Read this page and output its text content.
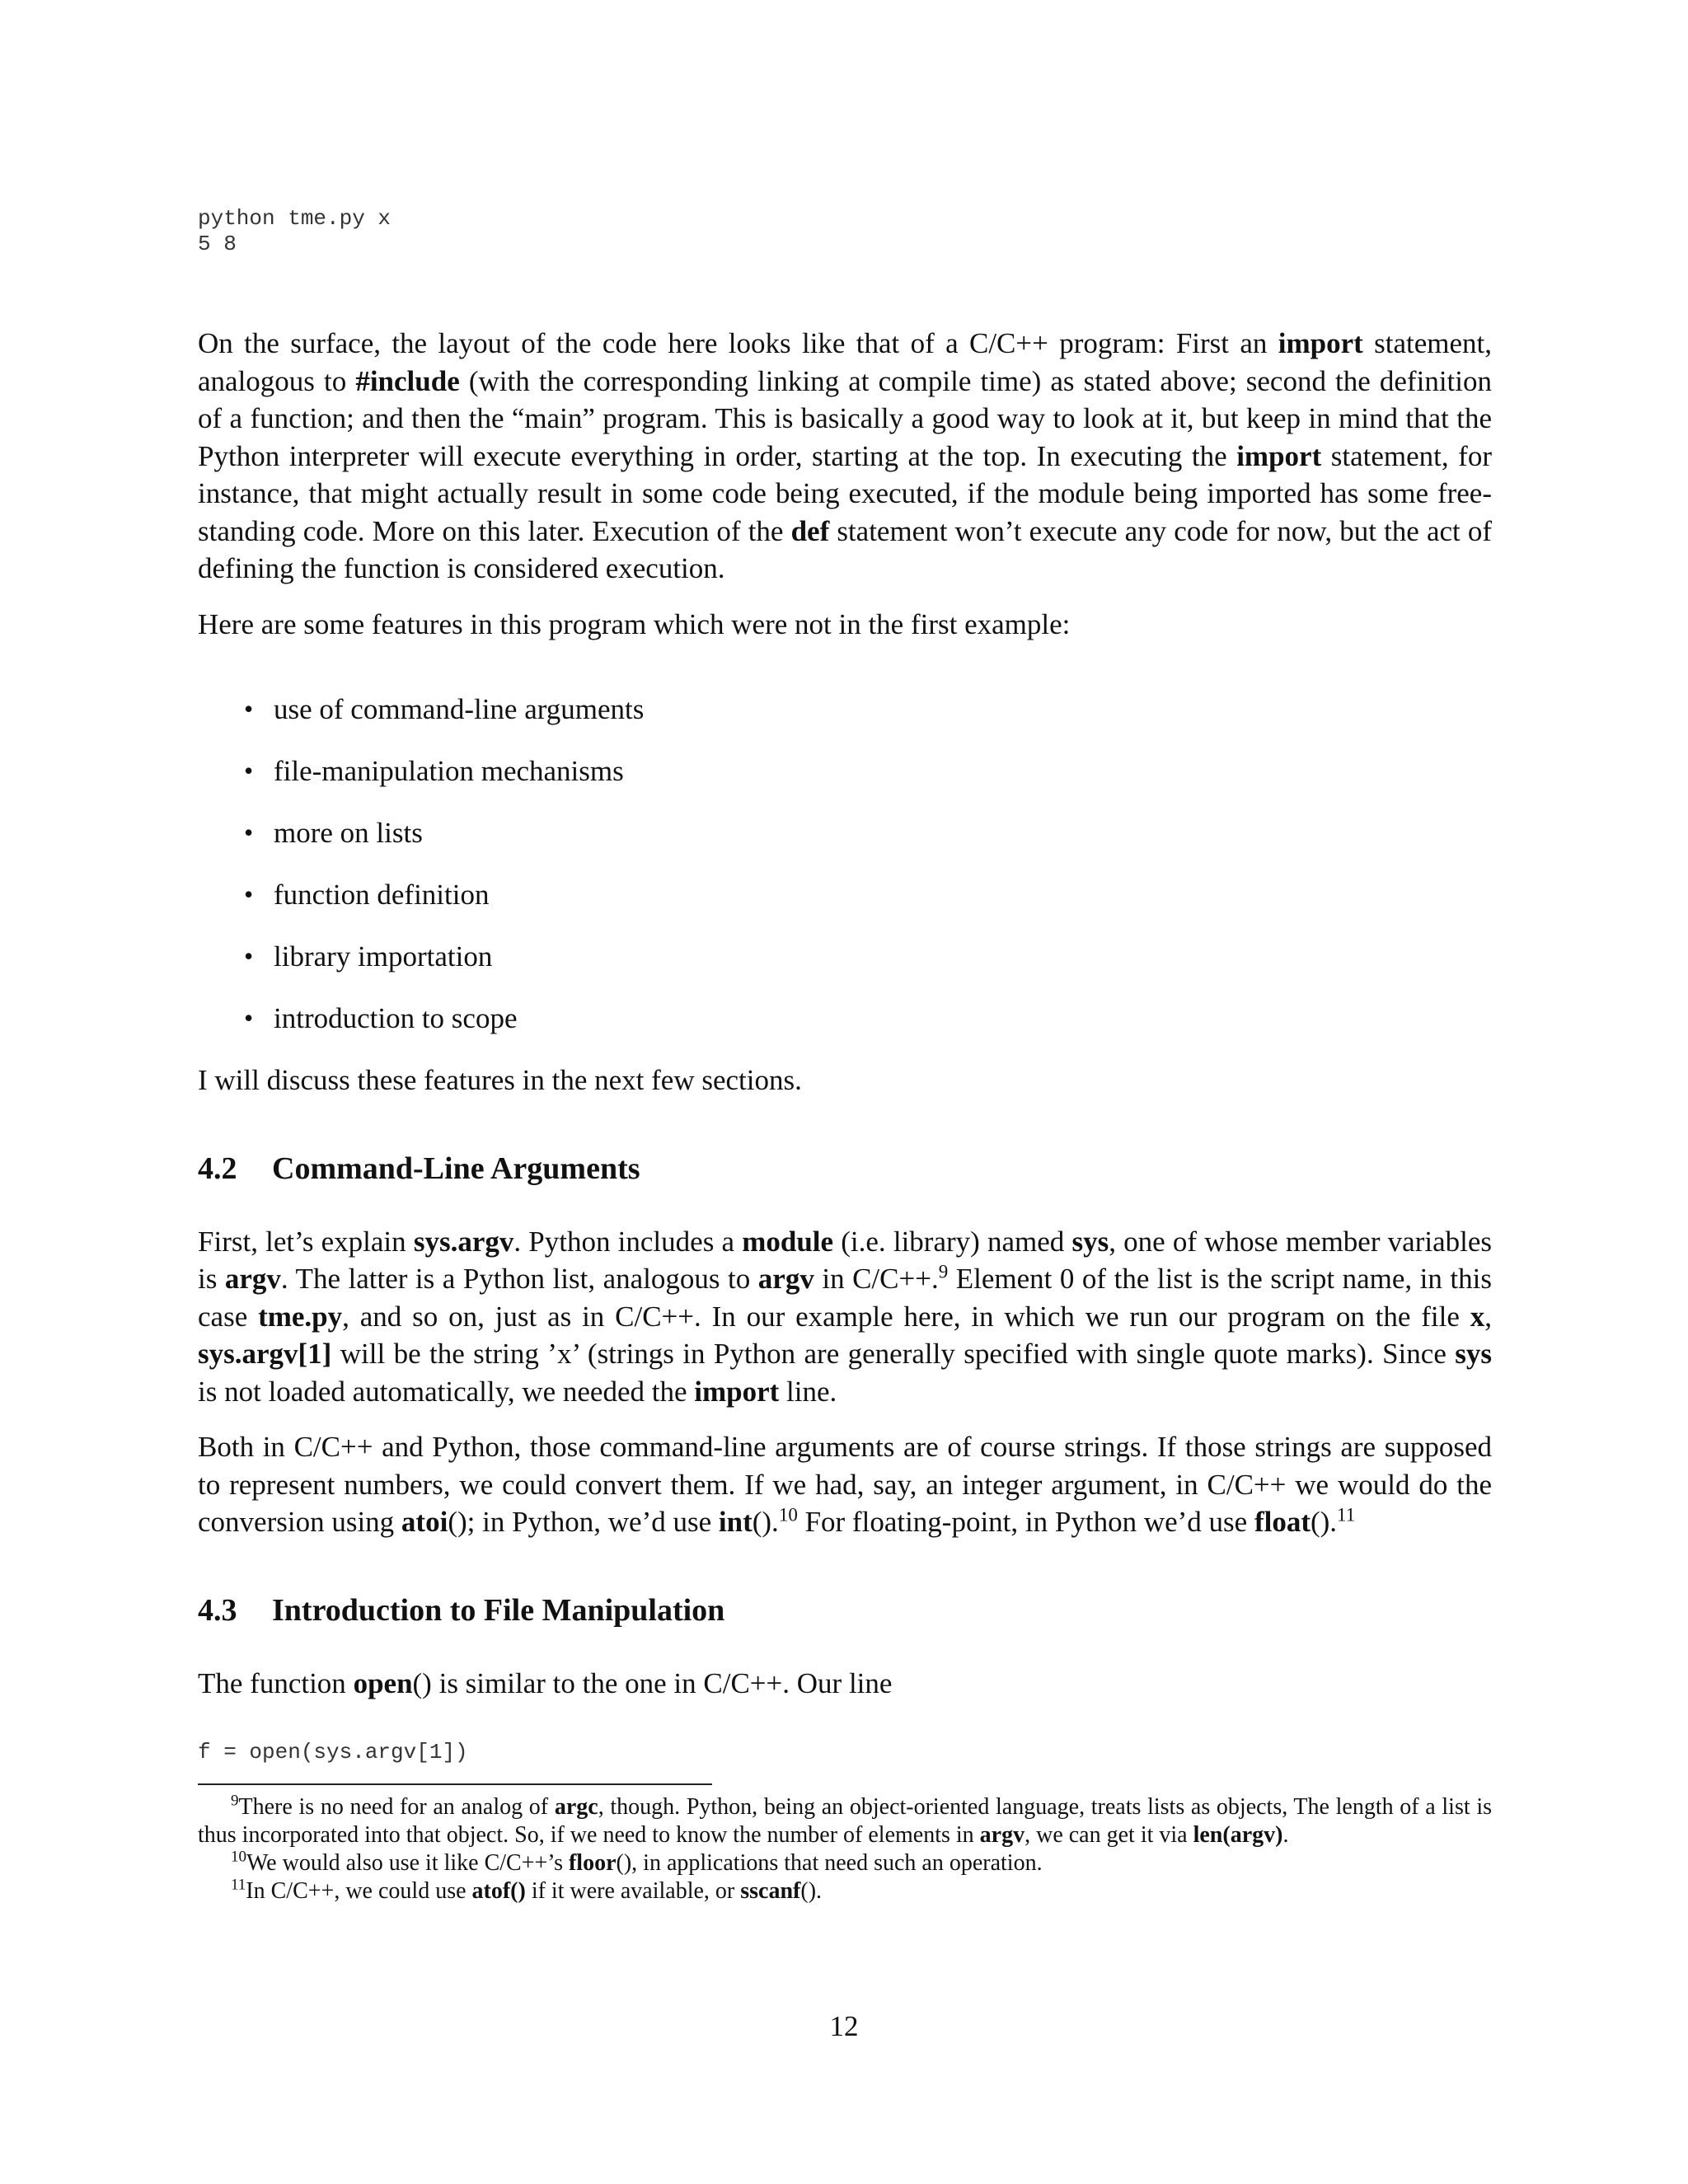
python tme.py x
5 8

On the surface, the layout of the code here looks like that of a C/C++ program: First an import statement, analogous to #include (with the corresponding linking at compile time) as stated above; second the definition of a function; and then the “main” program. This is basically a good way to look at it, but keep in mind that the Python interpreter will execute everything in order, starting at the top. In executing the import statement, for instance, that might actually result in some code being executed, if the module being imported has some free-standing code. More on this later. Execution of the def statement won’t execute any code for now, but the act of defining the function is considered execution.

Here are some features in this program which were not in the first example:

• use of command-line arguments
• file-manipulation mechanisms
• more on lists
• function definition
• library importation
• introduction to scope

I will discuss these features in the next few sections.

4.2 Command-Line Arguments

First, let’s explain sys.argv. Python includes a module (i.e. library) named sys, one of whose member variables is argv. The latter is a Python list, analogous to argv in C/C++.$^9$ Element 0 of the list is the script name, in this case tme.py, and so on, just as in C/C++. In our example here, in which we run our program on the file x, sys.argv[1] will be the string ’x’ (strings in Python are generally specified with single quote marks). Since sys is not loaded automatically, we needed the import line.

Both in C/C++ and Python, those command-line arguments are of course strings. If those strings are supposed to represent numbers, we could convert them. If we had, say, an integer argument, in C/C++ we would do the conversion using atoi(); in Python, we’d use int().$^{10}$ For floating-point, in Python we’d use float().$^{11}$

4.3 Introduction to File Manipulation

The function open() is similar to the one in C/C++. Our line

f = open(sys.argv[1])

$^9$There is no need for an analog of argc, though. Python, being an object-oriented language, treats lists as objects, The length of a list is thus incorporated into that object. So, if we need to know the number of elements in argv, we can get it via len(argv).

$^{10}$We would also use it like C/C++’s floor(), in applications that need such an operation.

$^{11}$In C/C++, we could use atof() if it were available, or sscanf().

12
